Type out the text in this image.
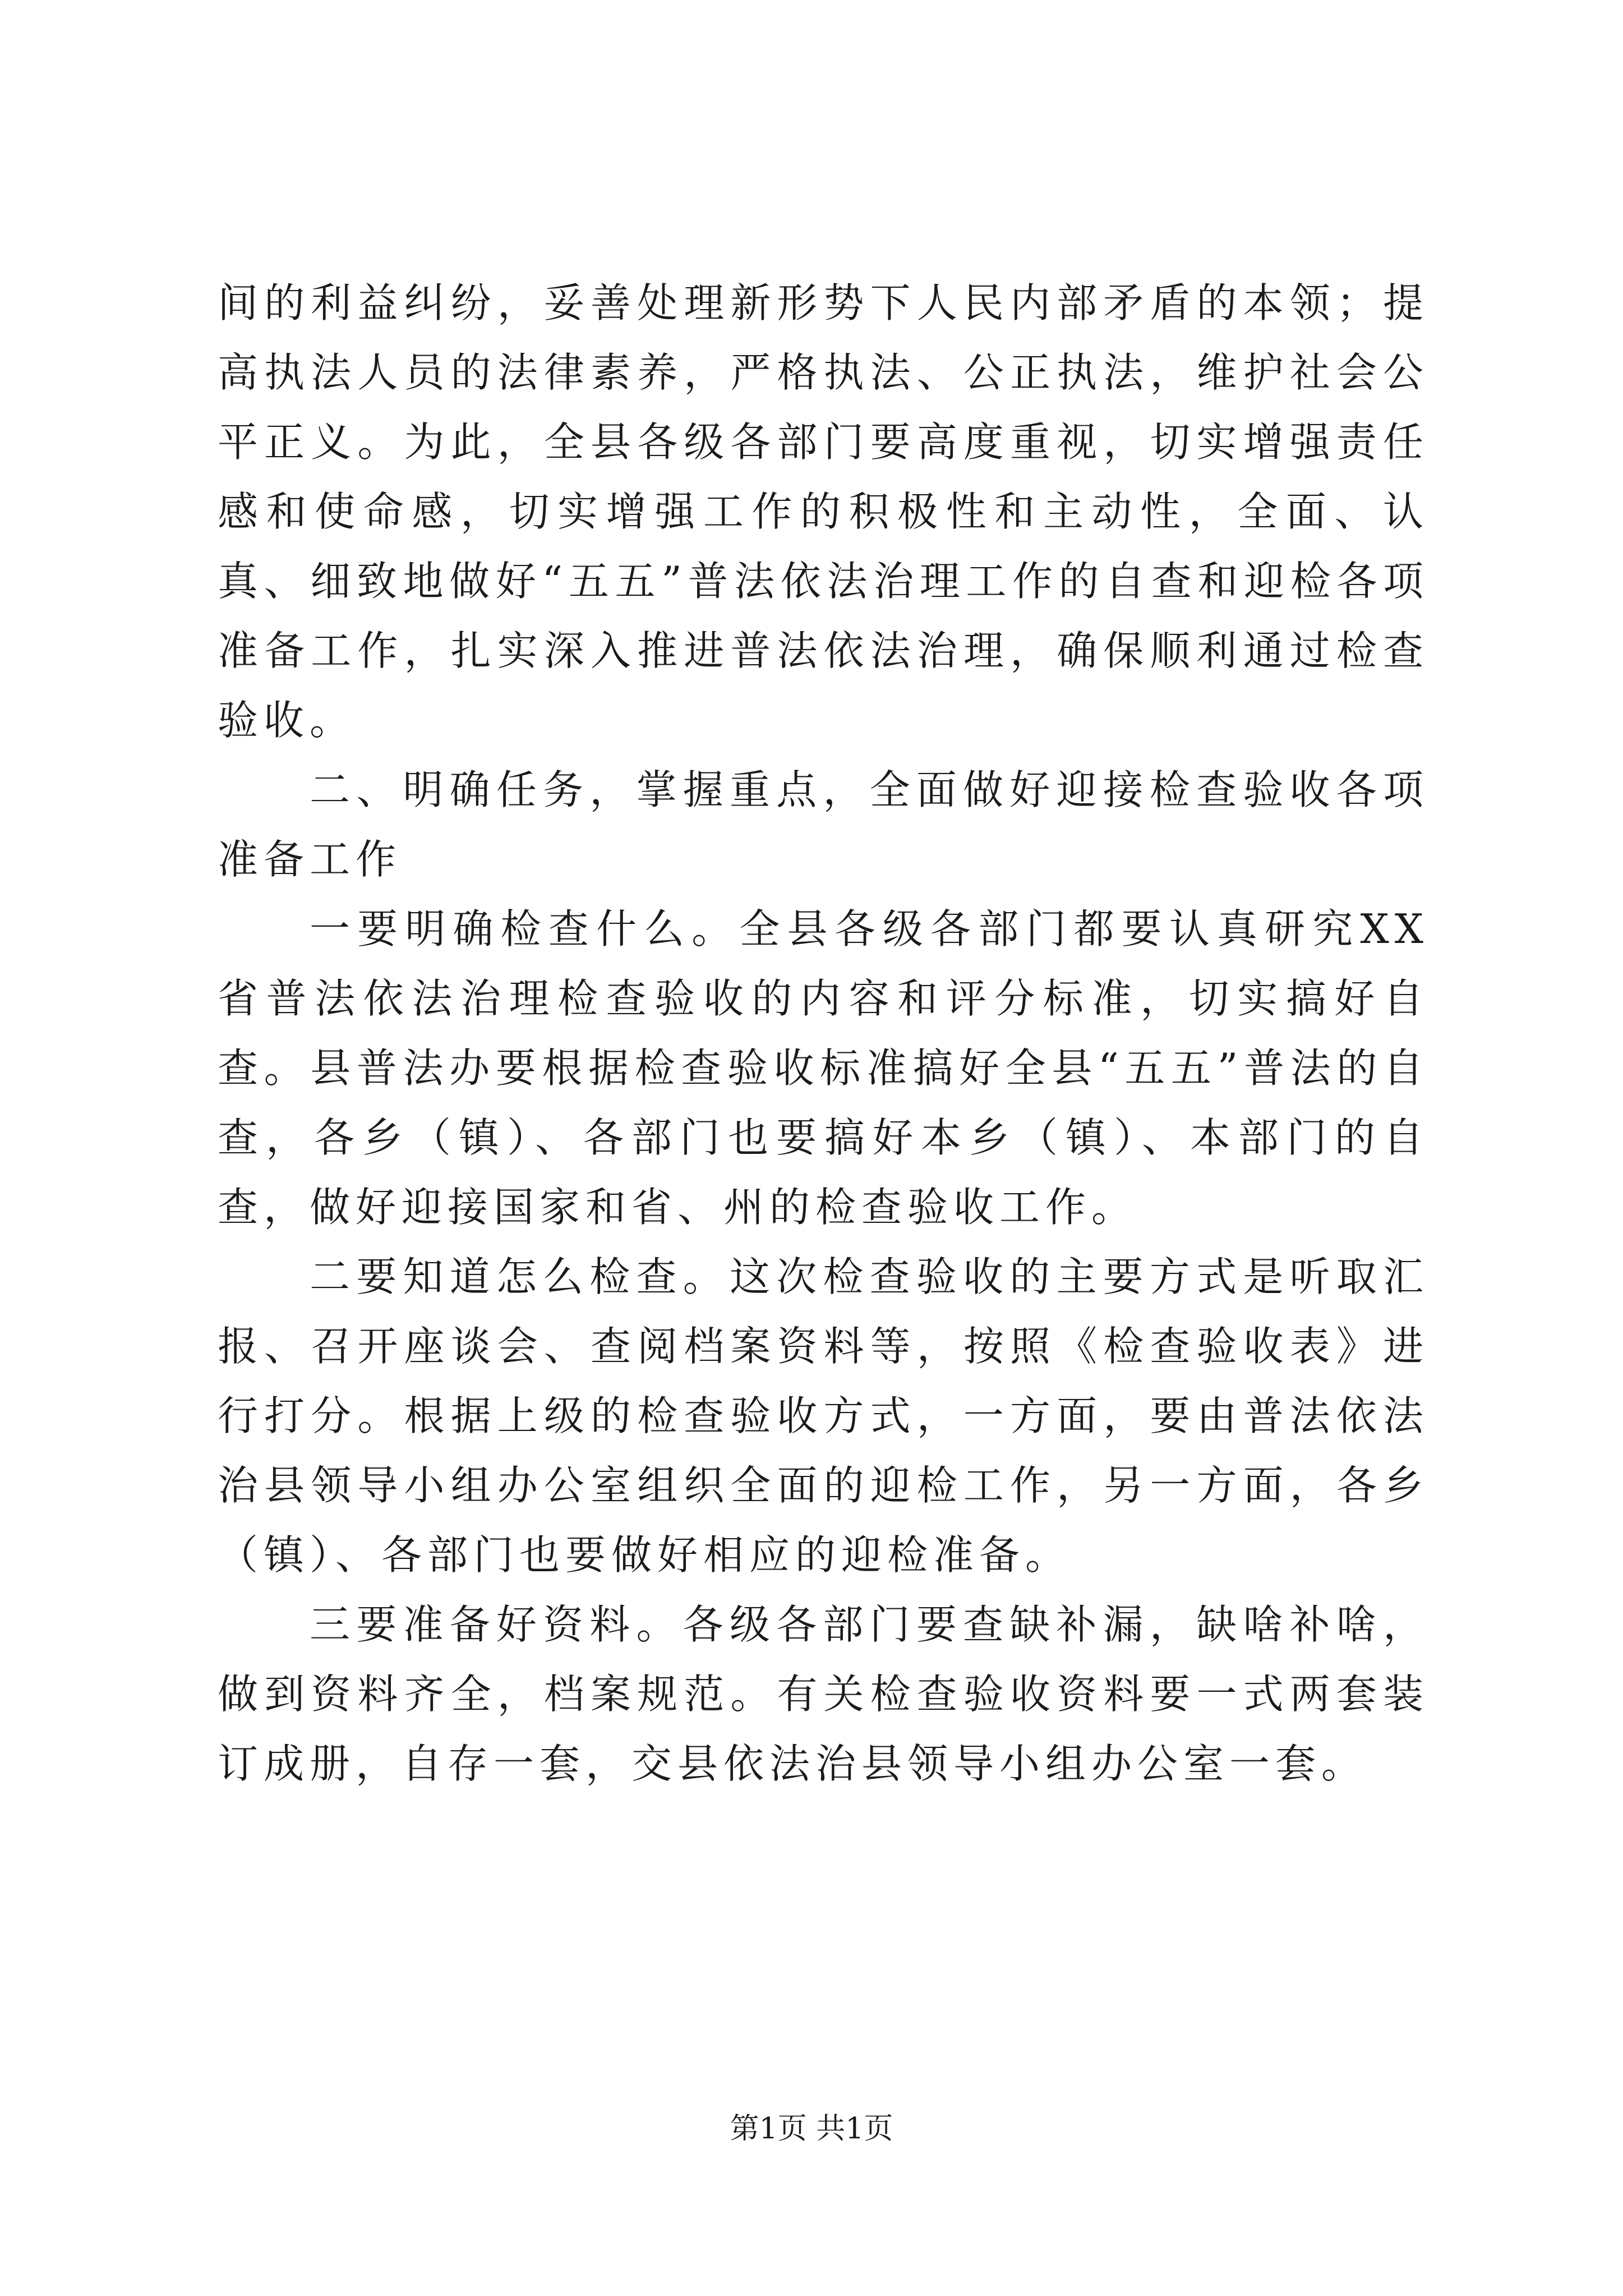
间的利益纠纷，妥善处理新形势下人民内部矛盾的本领；提高执法人员的法律素养，严格执法、公正执法，维护社会公平正义。为此，全县各级各部门要高度重视，切实增强责任感和使命感，切实增强工作的积极性和主动性，全面、认真、细致地做好“五五”普法依法治理工作的自查和迎检各项准备工作，扎实深入推进普法依法治理，确保顺利通过检查验收。

二、明确任务，掌握重点，全面做好迎接检查验收各项准备工作

一要明确检查什么。全县各级各部门都要认真研究XX省普法依法治理检查验收的内容和评分标准，切实搞好自查。县普法办要根据检查验收标准搞好全县“五五”普法的自查，各乡（镇）、各部门也要搞好本乡（镇）、本部门的自查，做好迎接国家和省、州的检查验收工作。

二要知道怎么检查。这次检查验收的主要方式是听取汇报、召开座谈会、查阅档案资料等，按照《检查验收表》进行打分。根据上级的检查验收方式，一方面，要由普法依法治县领导小组办公室组织全面的迎检工作，另一方面，各乡（镇）、各部门也要做好相应的迎检准备。

三要准备好资料。各级各部门要查缺补漏，缺啥补啥，做到资料齐全，档案规范。有关检查验收资料要一式两套装订成册，自存一套，交县依法治县领导小组办公室一套。

第1页 共1页
